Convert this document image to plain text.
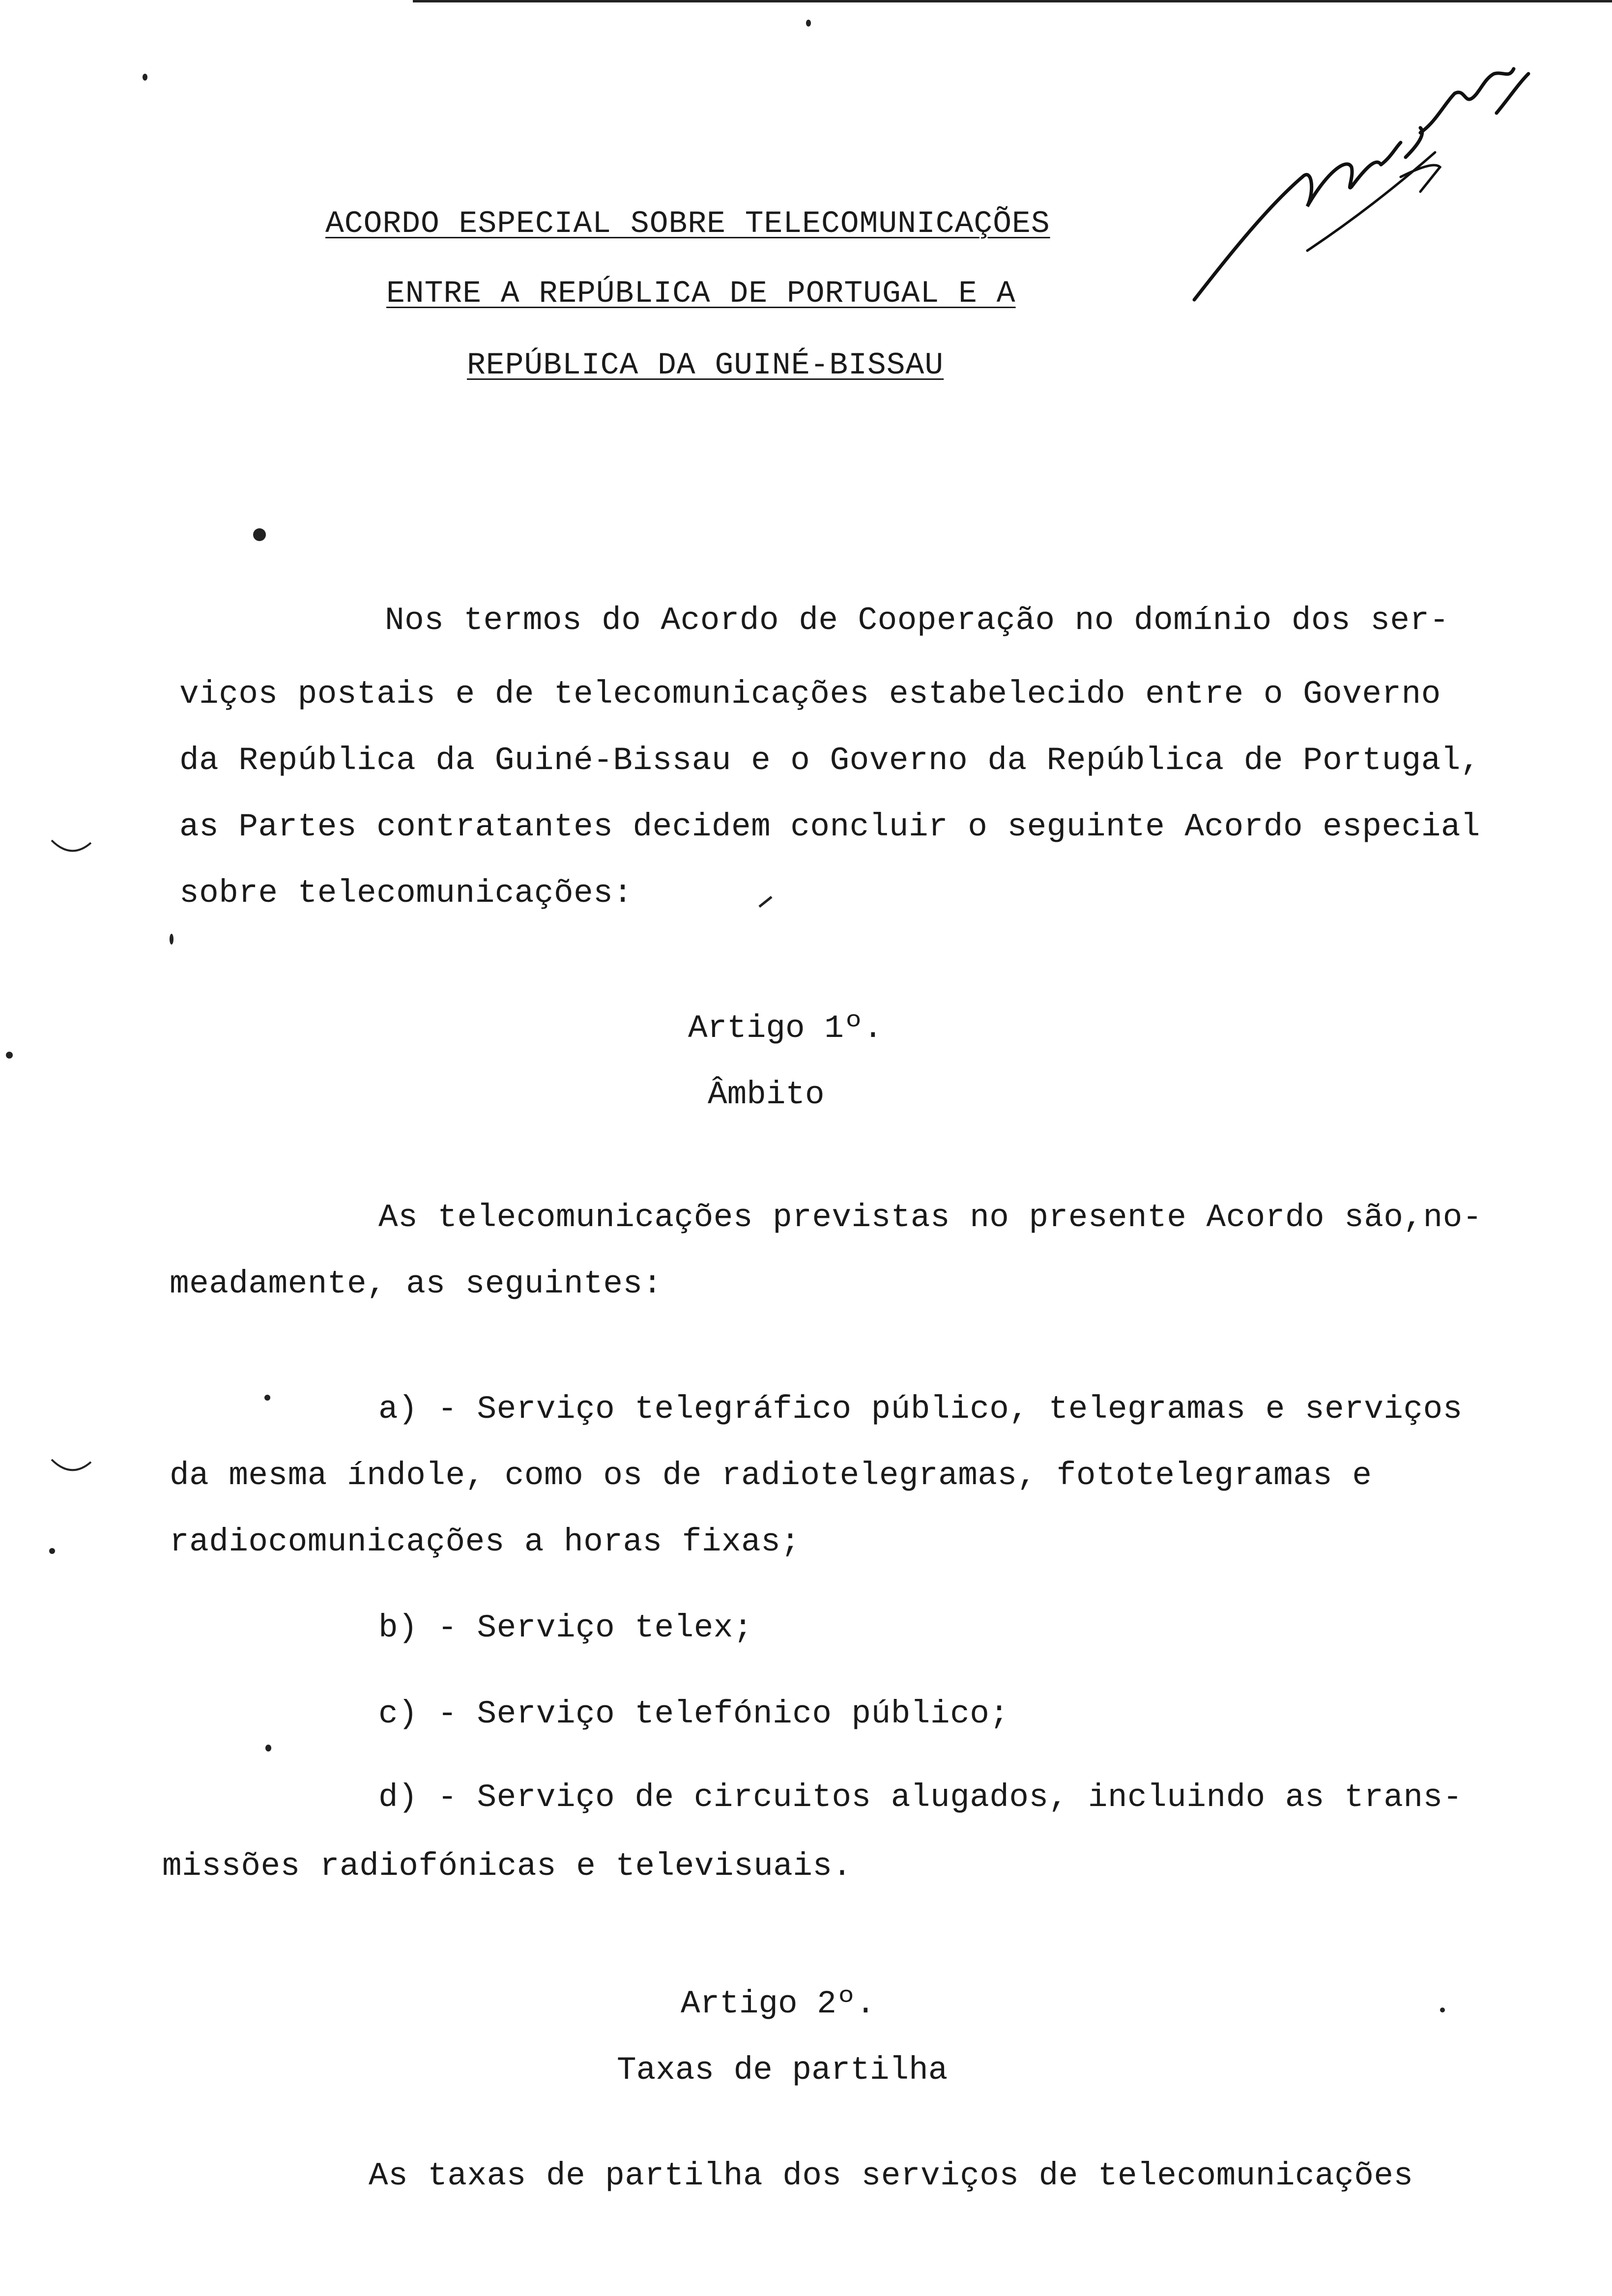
ACORDO ESPECIAL SOBRE TELECOMUNICAÇÕES
ENTRE A REPÚBLICA DE PORTUGAL E A
REPÚBLICA DA GUINÉ-BISSAU
Nos termos do Acordo de Cooperação no domínio dos ser-
viços postais e de telecomunicações estabelecido entre o Governo
da República da Guiné-Bissau e o Governo da República de Portugal,
as Partes contratantes decidem concluir o seguinte Acordo especial
sobre telecomunicações:
Artigo 1º.
Âmbito
As telecomunicações previstas no presente Acordo são,no-
meadamente, as seguintes:
a) - Serviço telegráfico público, telegramas e serviços
da mesma índole, como os de radiotelegramas, fototelegramas e
radiocomunicações a horas fixas;
b) - Serviço telex;
c) - Serviço telefónico público;
d) - Serviço de circuitos alugados, incluindo as trans-
missões radiofónicas e televisuais.
Artigo 2º.
Taxas de partilha
As taxas de partilha dos serviços de telecomunicações
